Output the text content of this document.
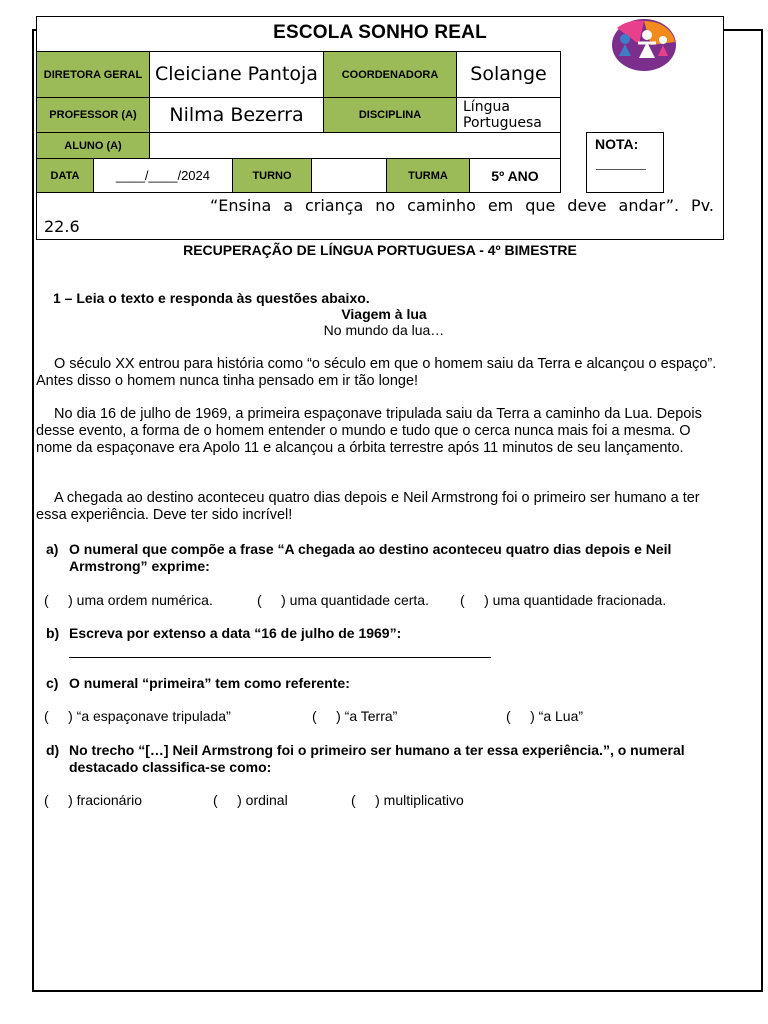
ESCOLA SONHO REAL
DIRETORA GERAL	Cleiciane Pantoja	COORDENADORA	Solange
PROFESSOR (A)	Nilma Bezerra	DISCIPLINA	Língua Portuguesa
ALUNO (A)	
DATA	____/____/2024	TURNO		TURMA	5º ANO
NOTA:
“Ensina a criança no caminho em que deve andar”. Pv.
22.6
RECUPERAÇÃO DE LÍNGUA PORTUGUESA - 4º BIMESTRE
1 – Leia o texto e responda às questões abaixo.
Viagem à lua
No mundo da lua…
O século XX entrou para história como “o século em que o homem saiu da Terra e alcançou o espaço”. Antes disso o homem nunca tinha pensado em ir tão longe!
No dia 16 de julho de 1969, a primeira espaçonave tripulada saiu da Terra a caminho da Lua. Depois desse evento, a forma de o homem entender o mundo e tudo que o cerca nunca mais foi a mesma. O nome da espaçonave era Apolo 11 e alcançou a órbita terrestre após 11 minutos de seu lançamento.
A chegada ao destino aconteceu quatro dias depois e Neil Armstrong foi o primeiro ser humano a ter essa experiência. Deve ter sido incrível!
a) O numeral que compõe a frase “A chegada ao destino aconteceu quatro dias depois e Neil Armstrong” exprime:
(     ) uma ordem numérica.	(     ) uma quantidade certa. (     ) uma quantidade fracionada.
b) Escreva por extenso a data “16 de julho de 1969”:
c) O numeral “primeira” tem como referente:
(     ) “a espaçonave tripulada”	(     ) “a Terra”	(     ) “a Lua”
d) No trecho “[…] Neil Armstrong foi o primeiro ser humano a ter essa experiência.”, o numeral destacado classifica-se como:
(     ) fracionário	(     ) ordinal	(     ) multiplicativo
